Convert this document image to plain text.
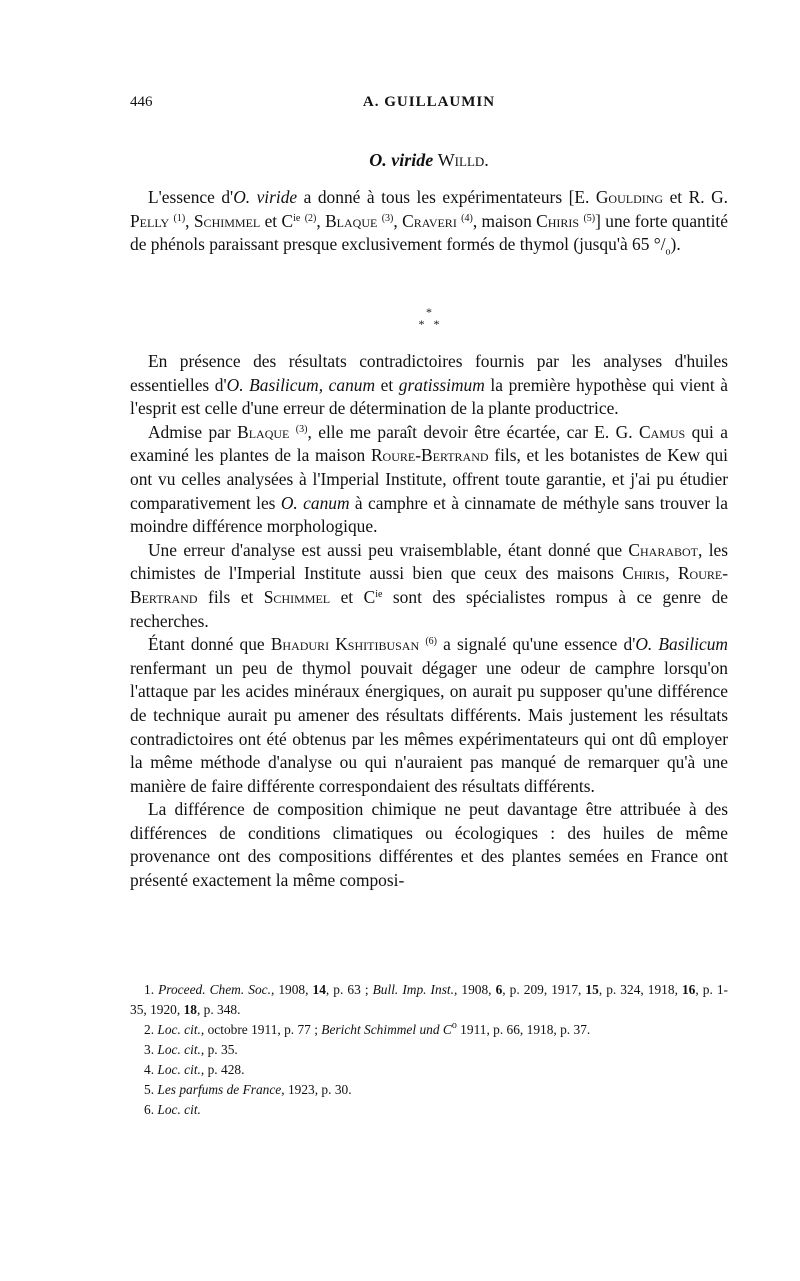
446	A. GUILLAUMIN
O. viride Willd.

L'essence d'O. viride a donné à tous les expérimentateurs [E. Goulding et R. G. Pelly $^{(1)}$, Schimmel et $C^{ie}$ $^{(2)}$, Blaque $^{(3)}$, Craveri $^{(4)}$, maison Chiris $^{(5)}$] une forte quantité de phénols paraissant presque exclusivement formés de thymol (jusqu'à 65 $^\circ/_o$).

*
* *

En présence des résultats contradictoires fournis par les analyses d'huiles essentielles d'O. Basilicum, canum et gratissimum la première hypothèse qui vient à l'esprit est celle d'une erreur de détermination de la plante productrice.

Admise par Blaque $^{(3)}$, elle me paraît devoir être écartée, car E. G. Camus qui a examiné les plantes de la maison Roure-Bertrand fils, et les botanistes de Kew qui ont vu celles analysées à l'Imperial Institute, offrent toute garantie, et j'ai pu étudier comparativement les O. canum à camphre et à cinnamate de méthyle sans trouver la moindre différence morphologique.

Une erreur d'analyse est aussi peu vraisemblable, étant donné que Charabot, les chimistes de l'Imperial Institute aussi bien que ceux des maisons Chiris, Roure-Bertrand fils et Schimmel et $C^{ie}$ sont des spécialistes rompus à ce genre de recherches.

Étant donné que Bhaduri Kshitibusan $^{(6)}$ a signalé qu'une essence d'O. Basilicum renfermant un peu de thymol pouvait dégager une odeur de camphre lorsqu'on l'attaque par les acides minéraux énergiques, on aurait pu supposer qu'une différence de technique aurait pu amener des résultats différents. Mais justement les résultats contradictoires ont été obtenus par les mêmes expérimentateurs qui ont dû employer la même méthode d'analyse ou qui n'auraient pas manqué de remarquer qu'à une manière de faire différente correspondaient des résultats différents.

La différence de composition chimique ne peut davantage être attribuée à des différences de conditions climatiques ou écologiques : des huiles de même provenance ont des compositions différentes et des plantes semées en France ont présenté exactement la même composi-

1. Proceed. Chem. Soc., 1908, 14, p. 63 ; Bull. Imp. Inst., 1908, 6, p. 209, 1917, 15, p. 324, 1918, 16, p. 1-35, 1920, 18, p. 348.
2. Loc. cit., octobre 1911, p. 77 ; Bericht Schimmel und $C^o$ 1911, p. 66, 1918, p. 37.
3. Loc. cit., p. 35.
4. Loc. cit., p. 428.
5. Les parfums de France, 1923, p. 30.
6. Loc. cit.
